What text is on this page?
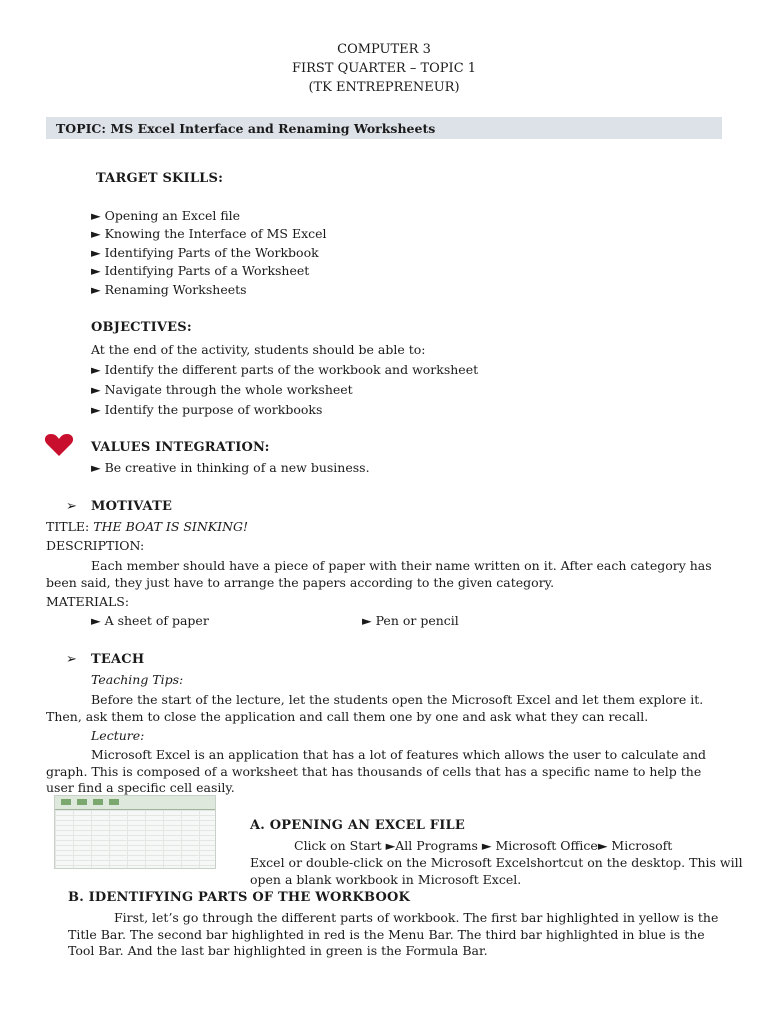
COMPUTER 3
FIRST QUARTER – TOPIC 1
(TK ENTREPRENEUR)
TOPIC: MS Excel Interface and Renaming Worksheets
TARGET SKILLS:
► Opening an Excel file
► Knowing the Interface of MS Excel
► Identifying Parts of the Workbook
► Identifying Parts of a Worksheet
► Renaming Worksheets
OBJECTIVES:
At the end of the activity, students should be able to:
► Identify the different parts of the workbook and worksheet
► Navigate through the whole worksheet
► Identify the purpose of workbooks
VALUES INTEGRATION:
► Be creative in thinking of a new business.
➢ MOTIVATE
TITLE: THE BOAT IS SINKING!
DESCRIPTION:
Each member should have a piece of paper with their name written on it. After each category has been said, they just have to arrange the papers according to the given category.
MATERIALS:
► A sheet of paper	► Pen or pencil
➢ TEACH
Teaching Tips:
Before the start of the lecture, let the students open the Microsoft Excel and let them explore it. Then, ask them to close the application and call them one by one and ask what they can recall.
Lecture:
Microsoft Excel is an application that has a lot of features which allows the user to calculate and graph. This is composed of a worksheet that has thousands of cells that has a specific name to help the user find a specific cell easily.
A. OPENING AN EXCEL FILE
Click on Start ►All Programs ► Microsoft Office► Microsoft
Excel or double-click on the Microsoft Excelshortcut on the desktop. This will
open a blank workbook in Microsoft Excel.
B. IDENTIFYING PARTS OF THE WORKBOOK
First, let’s go through the different parts of workbook. The first bar highlighted in yellow is the Title Bar. The second bar highlighted in red is the Menu Bar. The third bar highlighted in blue is the Tool Bar. And the last bar highlighted in green is the Formula Bar.
